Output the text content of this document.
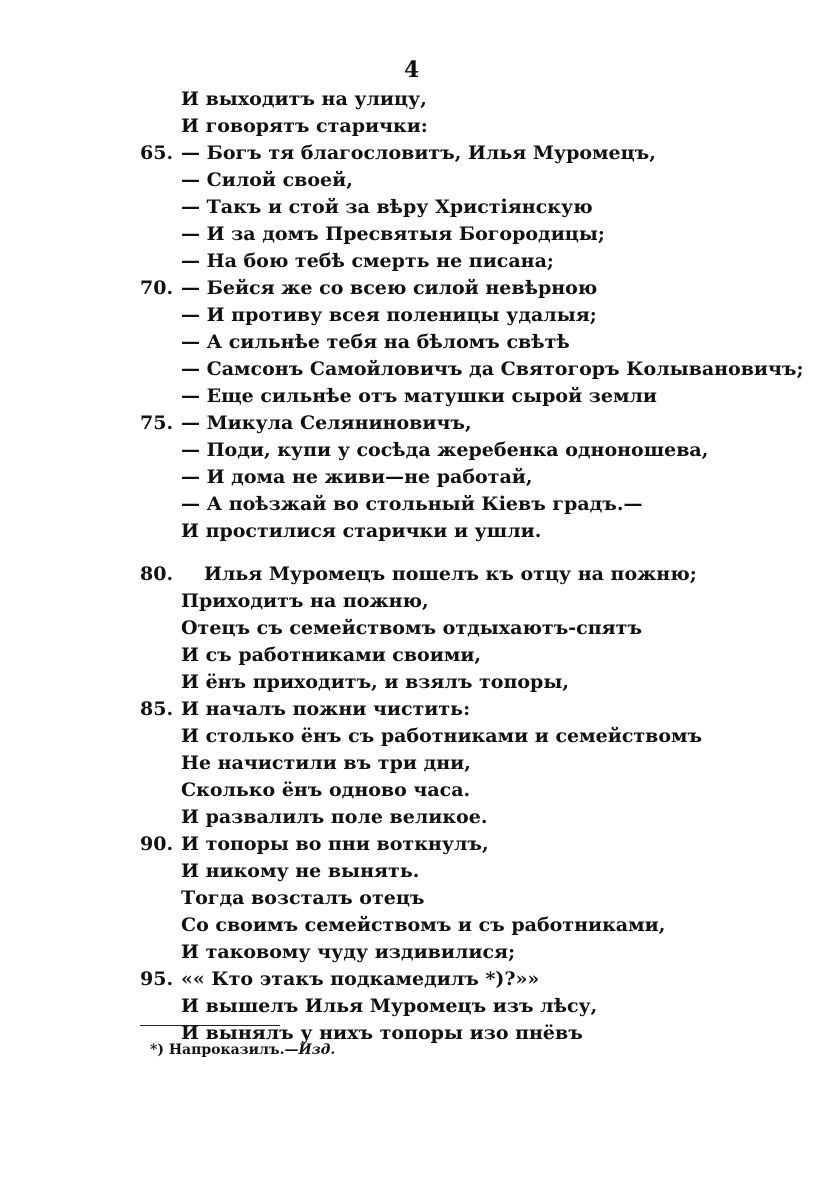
4
И выходитъ на улицу,
И говорятъ старички:
65. — Богъ тя благословитъ, Илья Муромецъ,
— Силой своей,
— Такъ и стой за вѣру Христіянскую
— И за домъ Пресвятыя Богородицы;
— На бою тебѣ смерть не писана;
70. — Бейся же со всею силой невѣрною
— И противу всея поленицы удалыя;
— А сильнѣе тебя на бѣломъ свѣтѣ
— Самсонъ Самойловичъ да Святогоръ Колывановичъ;
— Еще сильнѣе отъ матушки сырой земли
75. — Микула Селяниновичъ,
— Поди, купи у сосѣда жеребенка одноношева,
— И дома не живи—не работай,
— А поѣзжай во стольный Кіевъ градъ.—
И простилися старички и ушли.
80. Илья Муромецъ пошелъ къ отцу на пожню;
Приходитъ на пожню,
Отецъ съ семействомъ отдыхаютъ-спятъ
И съ работниками своими,
И ёнъ приходитъ, и взялъ топоры,
85. И началъ пожни чистить:
И столько ёнъ съ работниками и семействомъ
Не начистили въ три дни,
Сколько ёнъ одново часа.
И развалилъ поле великое.
90. И топоры во пни воткнулъ,
И никому не вынять.
Тогда возсталъ отецъ
Со своимъ семействомъ и съ работниками,
И таковому чуду издивилися;
95. «« Кто этакъ подкамедилъ *)?»»
И вышелъ Илья Муромецъ изъ лѣсу,
И вынялъ у нихъ топоры изо пнёвъ
*) Напроказилъ.—Изд.
